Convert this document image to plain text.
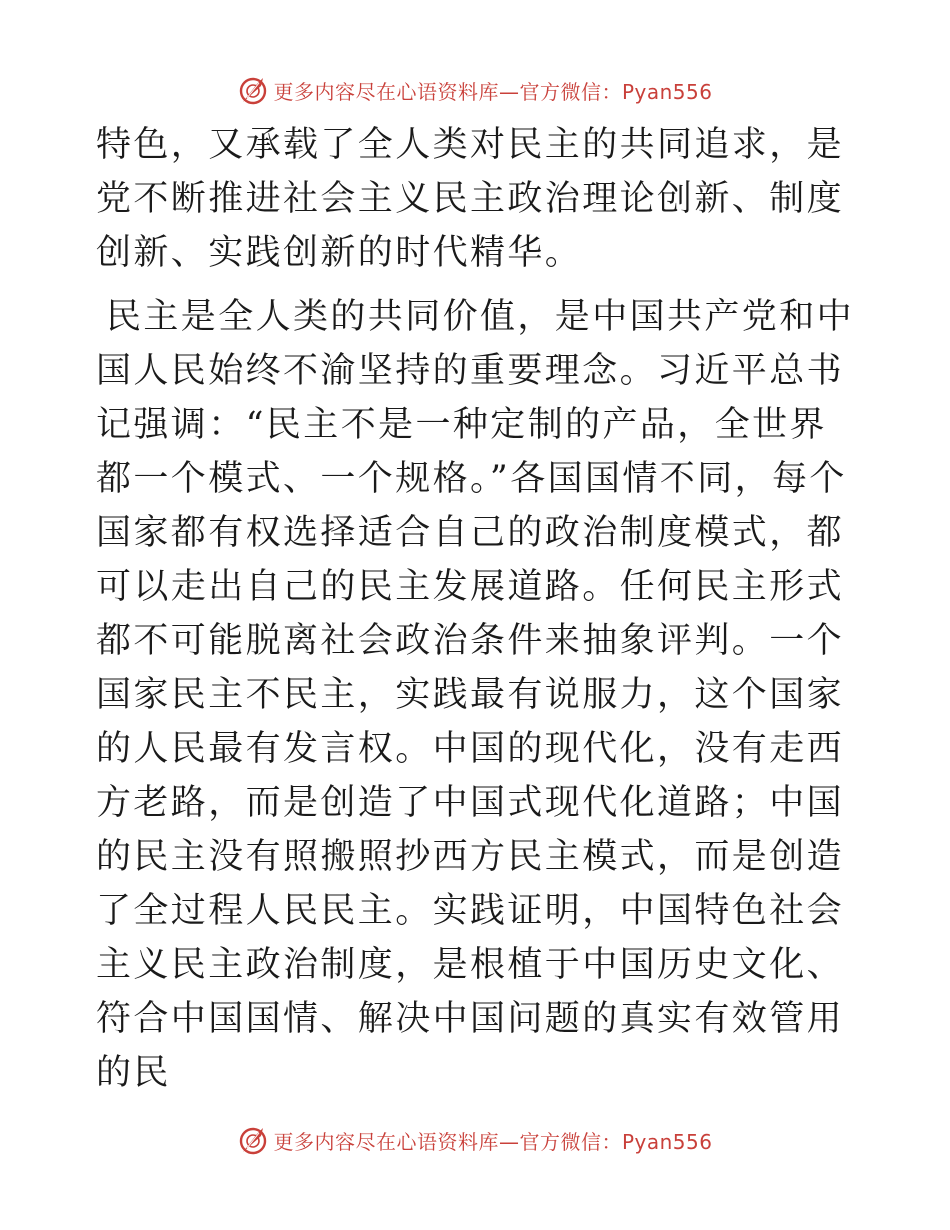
更多内容尽在心语资料库—官方微信：Pyan556

特色，又承载了全人类对民主的共同追求，是党不断推进社会主义民主政治理论创新、制度创新、实践创新的时代精华。

民主是全人类的共同价值，是中国共产党和中国人民始终不渝坚持的重要理念。习近平总书记强调：“民主不是一种定制的产品，全世界都一个模式、一个规格。”各国国情不同，每个国家都有权选择适合自己的政治制度模式，都可以走出自己的民主发展道路。任何民主形式都不可能脱离社会政治条件来抽象评判。一个国家民主不民主，实践最有说服力，这个国家的人民最有发言权。中国的现代化，没有走西方老路，而是创造了中国式现代化道路；中国的民主没有照搬照抄西方民主模式，而是创造了全过程人民民主。实践证明，中国特色社会主义民主政治制度，是根植于中国历史文化、符合中国国情、解决中国问题的真实有效管用的民

更多内容尽在心语资料库—官方微信：Pyan556
